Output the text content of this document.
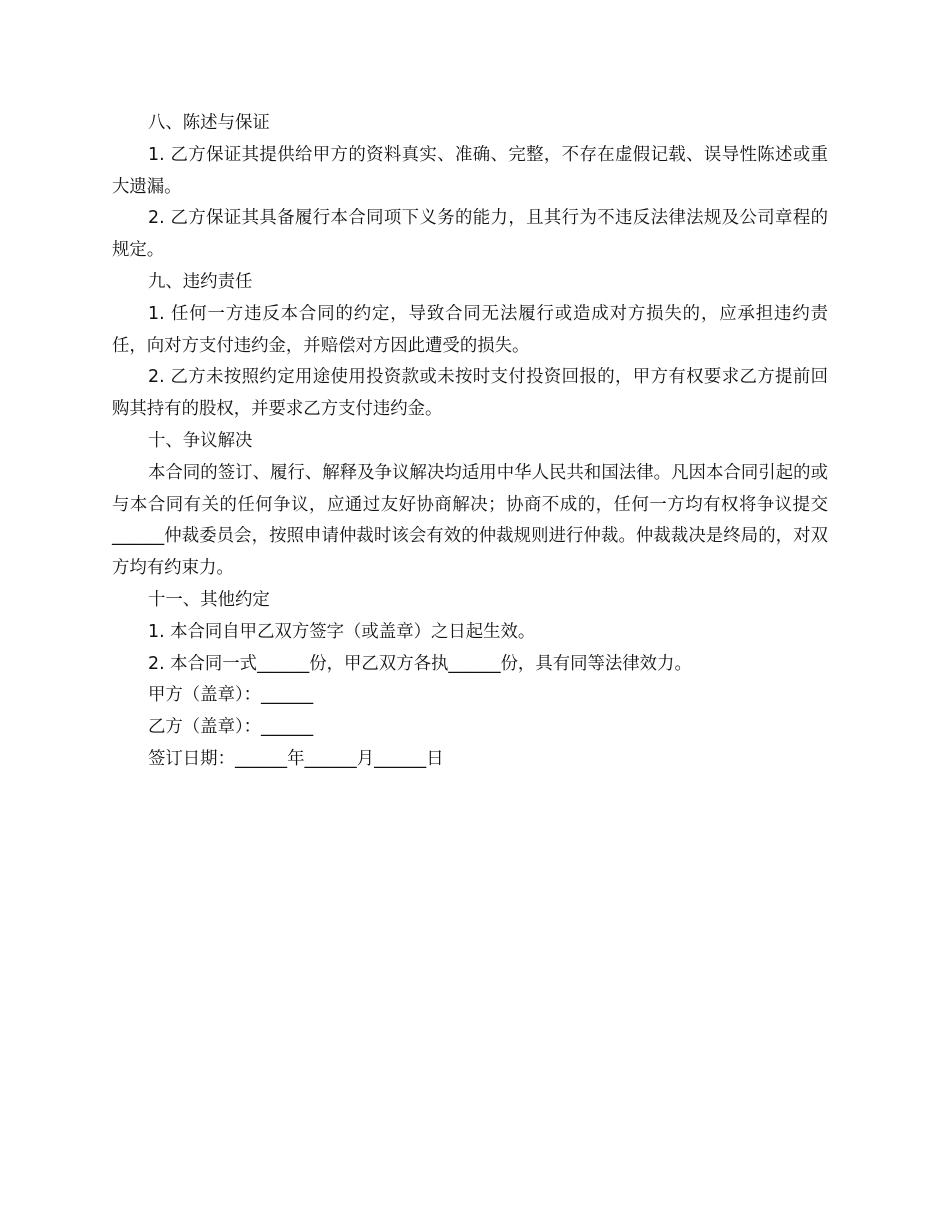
八、陈述与保证

1. 乙方保证其提供给甲方的资料真实、准确、完整，不存在虚假记载、误导性陈述或重大遗漏。

2. 乙方保证其具备履行本合同项下义务的能力，且其行为不违反法律法规及公司章程的规定。

九、违约责任

1. 任何一方违反本合同的约定，导致合同无法履行或造成对方损失的，应承担违约责任，向对方支付违约金，并赔偿对方因此遭受的损失。

2. 乙方未按照约定用途使用投资款或未按时支付投资回报的，甲方有权要求乙方提前回购其持有的股权，并要求乙方支付违约金。

十、争议解决

本合同的签订、履行、解释及争议解决均适用中华人民共和国法律。凡因本合同引起的或与本合同有关的任何争议，应通过友好协商解决；协商不成的，任何一方均有权将争议提交______仲裁委员会，按照申请仲裁时该会有效的仲裁规则进行仲裁。仲裁裁决是终局的，对双方均有约束力。

十一、其他约定

1. 本合同自甲乙双方签字（或盖章）之日起生效。

2. 本合同一式______份，甲乙双方各执______份，具有同等法律效力。

甲方（盖章）：______

乙方（盖章）：______

签订日期：______年______月______日
